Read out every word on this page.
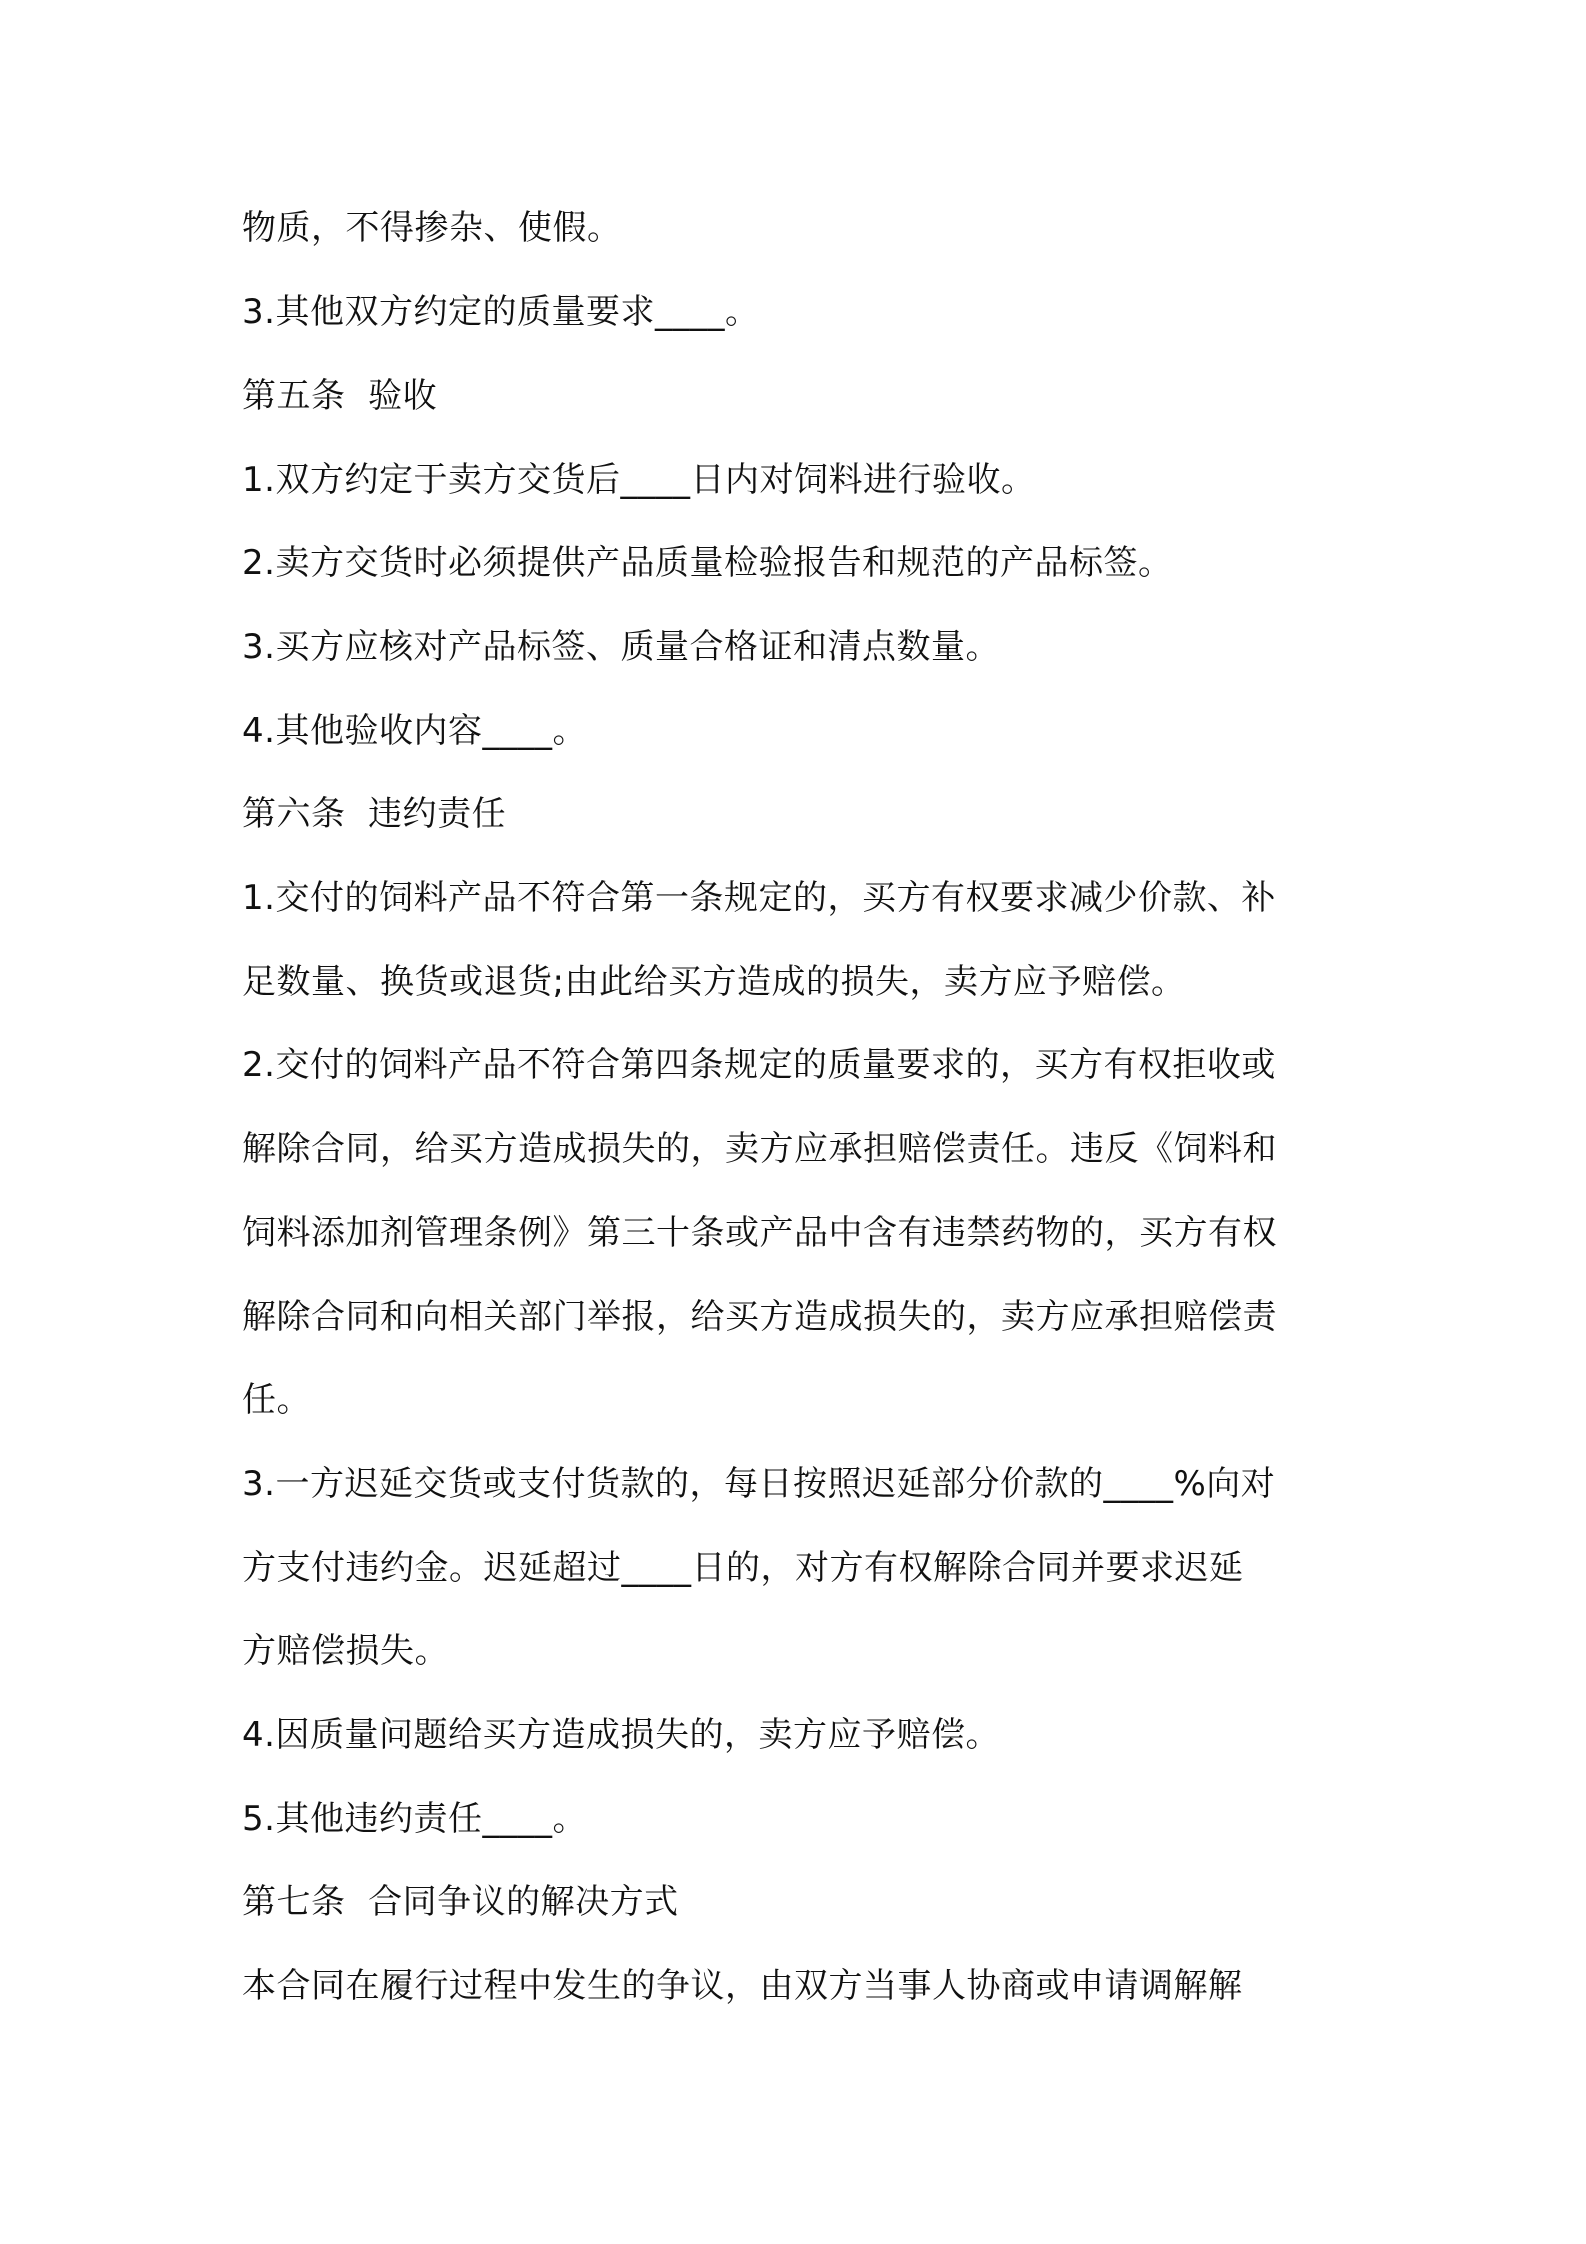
物质，不得掺杂、使假。
3.其他双方约定的质量要求____。
第五条  验收
1.双方约定于卖方交货后____日内对饲料进行验收。
2.卖方交货时必须提供产品质量检验报告和规范的产品标签。
3.买方应核对产品标签、质量合格证和清点数量。
4.其他验收内容____。
第六条  违约责任
1.交付的饲料产品不符合第一条规定的，买方有权要求减少价款、补
足数量、换货或退货;由此给买方造成的损失，卖方应予赔偿。
2.交付的饲料产品不符合第四条规定的质量要求的，买方有权拒收或
解除合同，给买方造成损失的，卖方应承担赔偿责任。违反《饲料和
饲料添加剂管理条例》第三十条或产品中含有违禁药物的，买方有权
解除合同和向相关部门举报，给买方造成损失的，卖方应承担赔偿责
任。
3.一方迟延交货或支付货款的，每日按照迟延部分价款的____%向对
方支付违约金。迟延超过____日的，对方有权解除合同并要求迟延
方赔偿损失。
4.因质量问题给买方造成损失的，卖方应予赔偿。
5.其他违约责任____。
第七条  合同争议的解决方式
本合同在履行过程中发生的争议，由双方当事人协商或申请调解解
